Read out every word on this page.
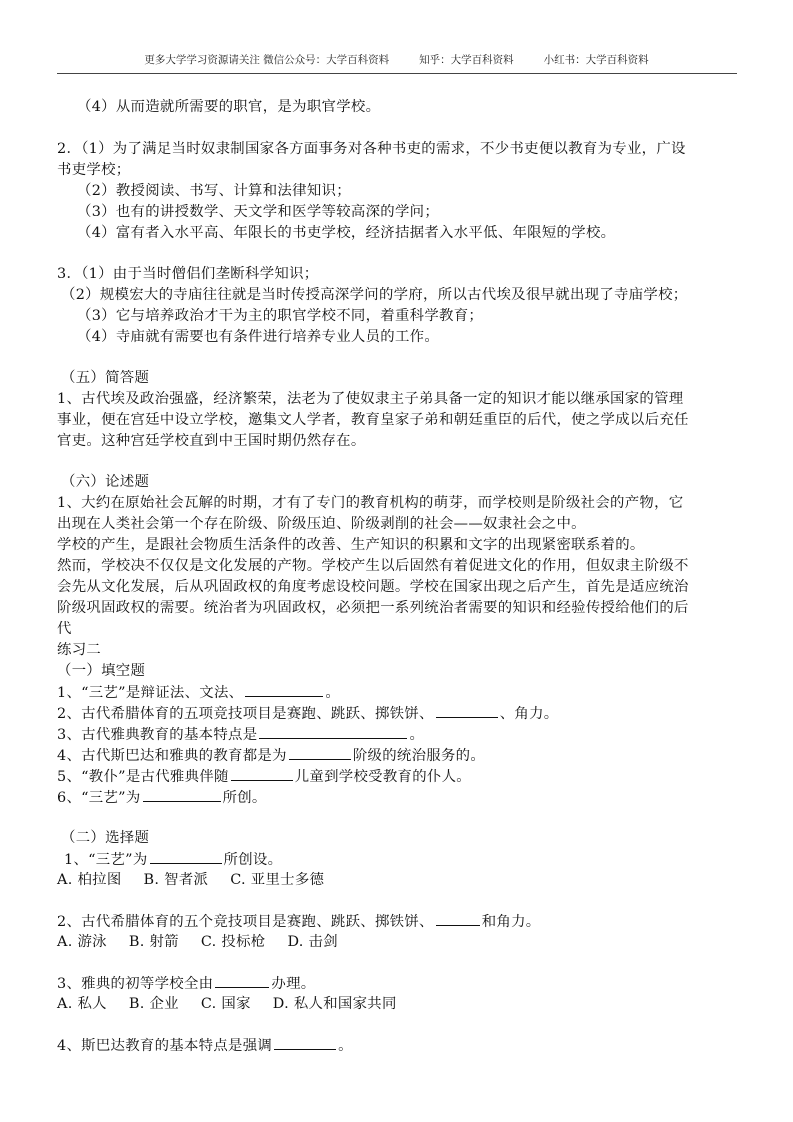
更多大学学习资源请关注 微信公众号：大学百科资料	知乎：大学百科资料	小红书：大学百科资料
（4）从而造就所需要的职官，是为职官学校。
2．（1）为了满足当时奴隶制国家各方面事务对各种书吏的需求，不少书吏便以教育为专业，广设
书吏学校；
（2）教授阅读、书写、计算和法律知识；
（3）也有的讲授数学、天文学和医学等较高深的学问；
（4）富有者入水平高、年限长的书吏学校，经济拮据者入水平低、年限短的学校。
3．（1）由于当时僧侣们垄断科学知识；
（2）规模宏大的寺庙往往就是当时传授高深学问的学府，所以古代埃及很早就出现了寺庙学校；
（3）它与培养政治才干为主的职官学校不同，着重科学教育；
（4）寺庙就有需要也有条件进行培养专业人员的工作。
（五）简答题
1、古代埃及政治强盛，经济繁荣，法老为了使奴隶主子弟具备一定的知识才能以继承国家的管理
事业，便在宫廷中设立学校，邀集文人学者，教育皇家子弟和朝廷重臣的后代，使之学成以后充任
官吏。这种宫廷学校直到中王国时期仍然存在。
（六）论述题
1、大约在原始社会瓦解的时期，才有了专门的教育机构的萌芽，而学校则是阶级社会的产物，它
出现在人类社会第一个存在阶级、阶级压迫、阶级剥削的社会——奴隶社会之中。
学校的产生，是跟社会物质生活条件的改善、生产知识的积累和文字的出现紧密联系着的。
然而，学校决不仅仅是文化发展的产物。学校产生以后固然有着促进文化的作用，但奴隶主阶级不
会先从文化发展，后从巩固政权的角度考虑设校问题。学校在国家出现之后产生，首先是适应统治
阶级巩固政权的需要。统治者为巩固政权，必须把一系列统治者需要的知识和经验传授给他们的后
代
练习二
（一）填空题
1、“三艺”是辩证法、文法、	。
2、古代希腊体育的五项竞技项目是赛跑、跳跃、掷铁饼、	、角力。
3、古代雅典教育的基本特点是	。
4、古代斯巴达和雅典的教育都是为	阶级的统治服务的。
5、“教仆”是古代雅典伴随	儿童到学校受教育的仆人。
6、“三艺”为	所创。
（二）选择题
1、“三艺”为	所创设。
A. 柏拉图 B. 智者派 C. 亚里士多德
2、古代希腊体育的五个竞技项目是赛跑、跳跃、掷铁饼、	和角力。
A. 游泳 B. 射箭 C. 投标枪 D. 击剑
3、雅典的初等学校全由	办理。
A. 私人 B. 企业 C. 国家 D. 私人和国家共同
4、斯巴达教育的基本特点是强调	。
